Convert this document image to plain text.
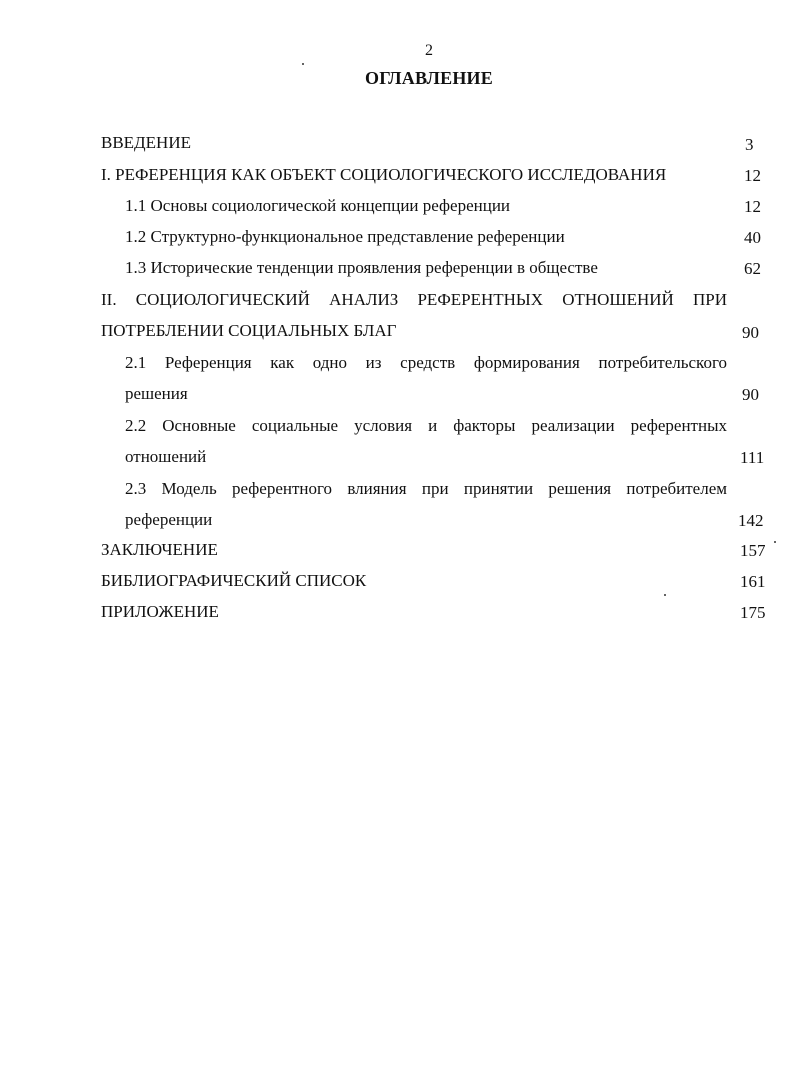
2
ОГЛАВЛЕНИЕ
ВВЕДЕНИЕ	3
I. РЕФЕРЕНЦИЯ КАК ОБЪЕКТ СОЦИОЛОГИЧЕСКОГО ИССЛЕДОВАНИЯ	12
1.1 Основы социологической концепции референции	12
1.2 Структурно-функциональное представление референции	40
1.3 Исторические тенденции проявления референции в обществе	62
II. СОЦИОЛОГИЧЕСКИЙ АНАЛИЗ РЕФЕРЕНТНЫХ ОТНОШЕНИЙ ПРИ
ПОТРЕБЛЕНИИ СОЦИАЛЬНЫХ БЛАГ	90
2.1 Референция как одно из средств формирования потребительского
решения	90
2.2 Основные социальные условия и факторы реализации референтных
отношений	111
2.3 Модель референтного влияния при принятии решения потребителем
референции	142
ЗАКЛЮЧЕНИЕ	157
БИБЛИОГРАФИЧЕСКИЙ СПИСОК	161
ПРИЛОЖЕНИЕ	175
